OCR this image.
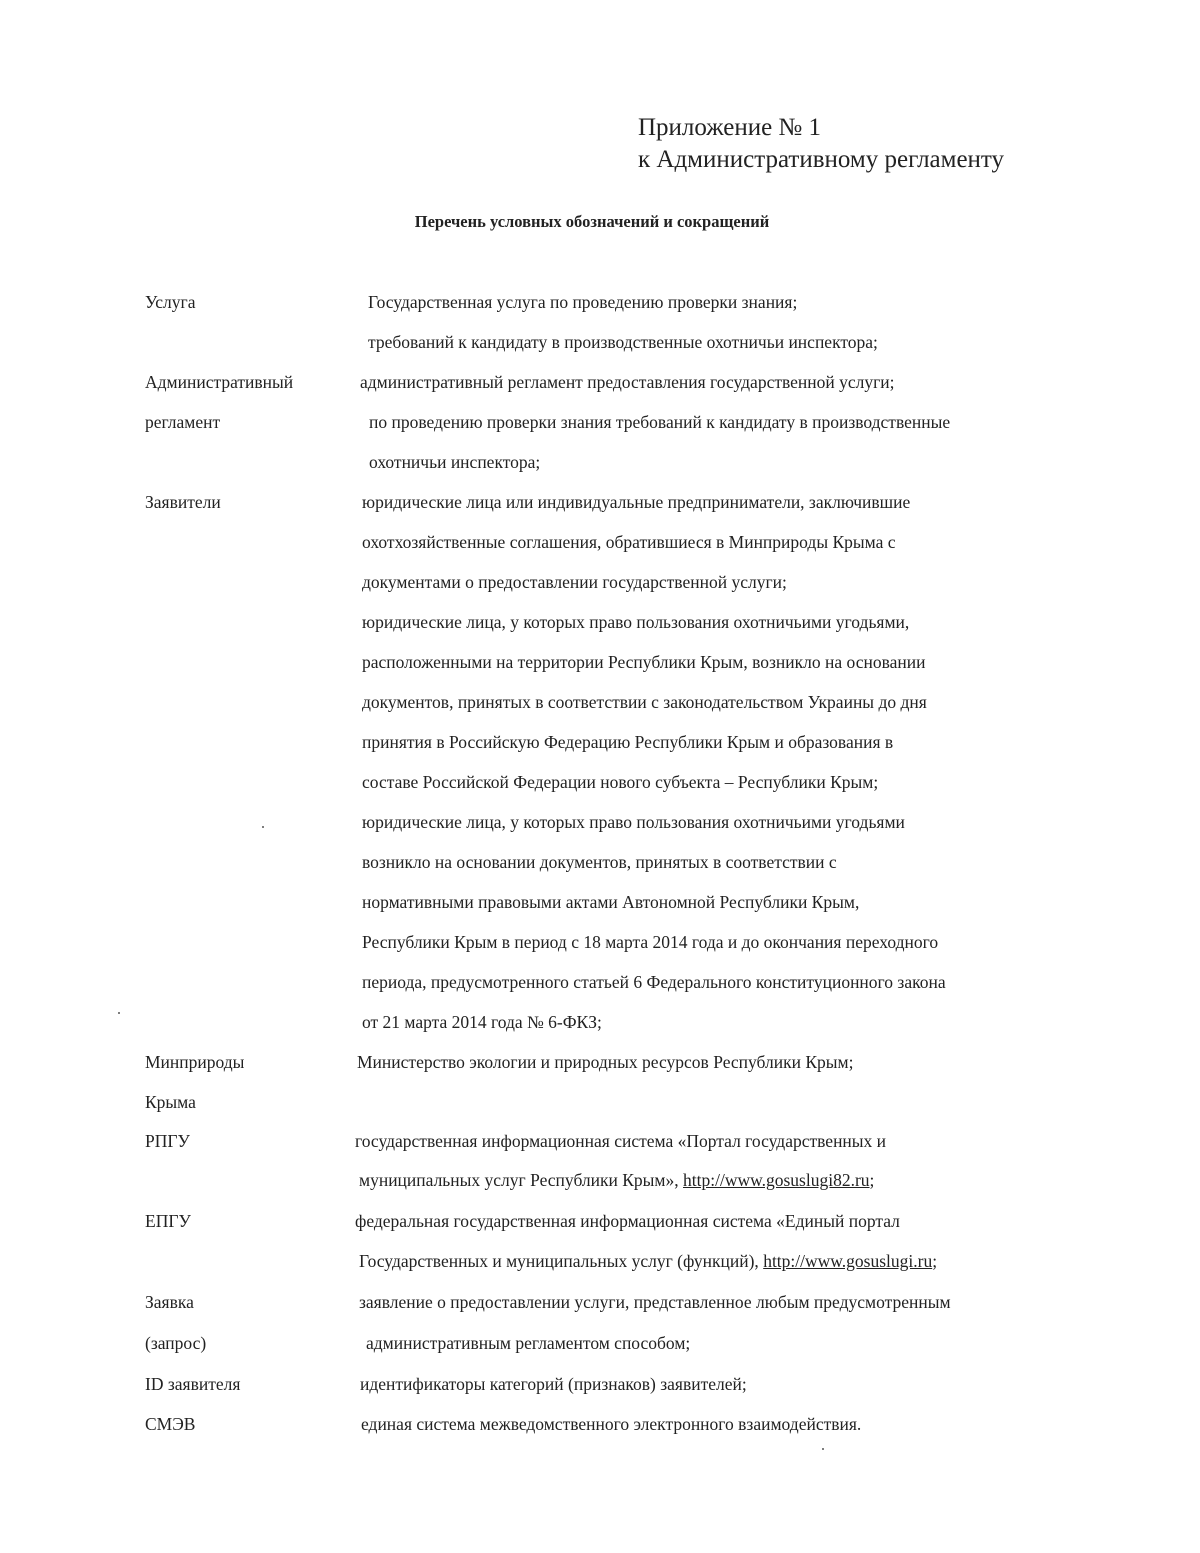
Приложение № 1
к Административному регламенту
Перечень условных обозначений и сокращений
Услуга
Административный
регламент
Заявители
Минприроды
Крыма
РПГУ
ЕПГУ
Заявка
(запрос)
ID заявителя
СМЭВ
Государственная услуга по проведению проверки знания;
требований к кандидату в производственные охотничьи инспектора;
административный регламент предоставления государственной услуги;
по проведению проверки знания требований к кандидату в производственные
охотничьи инспектора;
юридические лица или индивидуальные предприниматели, заключившие
охотхозяйственные соглашения, обратившиеся в Минприроды Крыма с
документами о предоставлении государственной услуги;
юридические лица, у которых право пользования охотничьими угодьями,
расположенными на территории Республики Крым, возникло на основании
документов, принятых в соответствии с законодательством Украины до дня
принятия в Российскую Федерацию Республики Крым и образования в
составе Российской Федерации нового субъекта – Республики Крым;
юридические лица, у которых право пользования охотничьими угодьями
возникло на основании документов, принятых в соответствии с
нормативными правовыми актами Автономной Республики Крым,
Республики Крым в период с 18 марта 2014 года и до окончания переходного
периода, предусмотренного статьей 6 Федерального конституционного закона
от 21 марта 2014 года № 6-ФКЗ;
Министерство экологии и природных ресурсов Республики Крым;
государственная информационная система «Портал государственных и
муниципальных услуг Республики Крым», http://www.gosuslugi82.ru;
федеральная государственная информационная система «Единый портал
Государственных и муниципальных услуг (функций), http://www.gosuslugi.ru;
заявление о предоставлении услуги, представленное любым предусмотренным
административным регламентом способом;
идентификаторы категорий (признаков) заявителей;
единая система межведомственного электронного взаимодействия.
